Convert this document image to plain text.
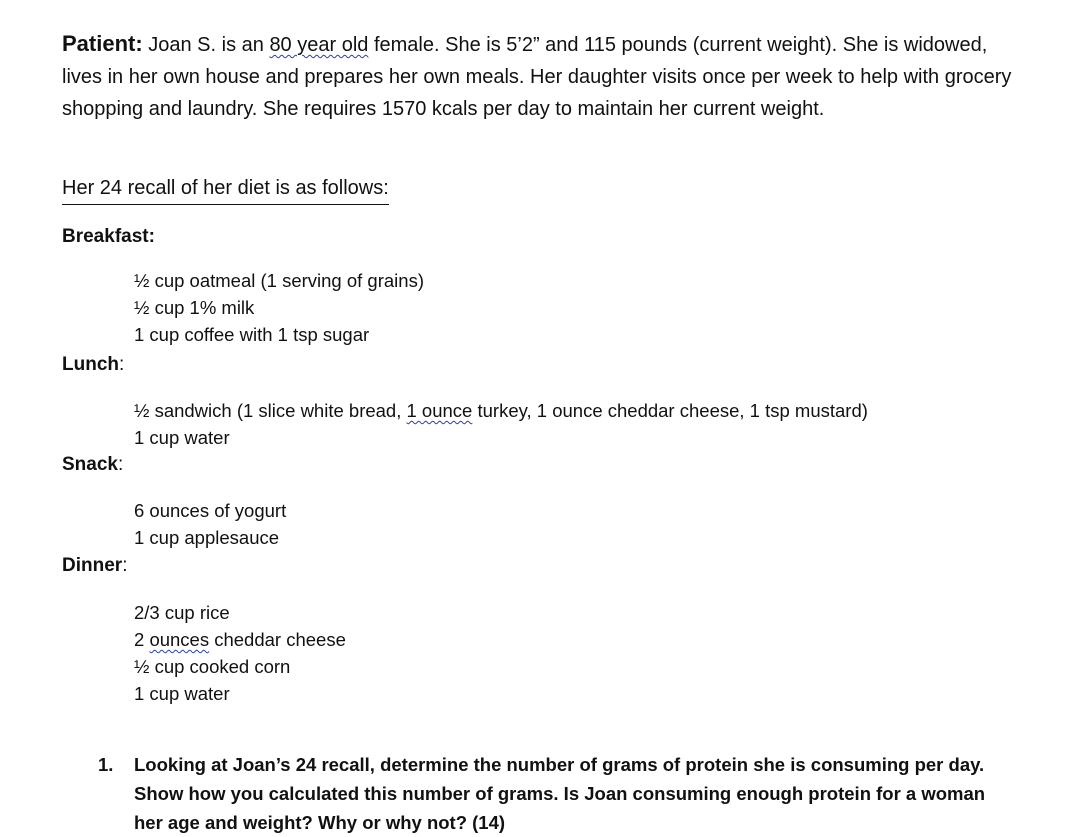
Patient: Joan S. is an 80 year old female. She is 5’2” and 115 pounds (current weight). She is widowed, lives in her own house and prepares her own meals. Her daughter visits once per week to help with grocery shopping and laundry. She requires 1570 kcals per day to maintain her current weight.
Her 24 recall of her diet is as follows:
Breakfast:
½ cup oatmeal (1 serving of grains)
½ cup 1% milk
1 cup coffee with 1 tsp sugar
Lunch:
½ sandwich (1 slice white bread, 1 ounce turkey, 1 ounce cheddar cheese, 1 tsp mustard)
1 cup water
Snack:
6 ounces of yogurt
1 cup applesauce
Dinner:
2/3 cup rice
2 ounces cheddar cheese
½ cup cooked corn
1 cup water
1. Looking at Joan’s 24 recall, determine the number of grams of protein she is consuming per day. Show how you calculated this number of grams. Is Joan consuming enough protein for a woman her age and weight? Why or why not? (14)
